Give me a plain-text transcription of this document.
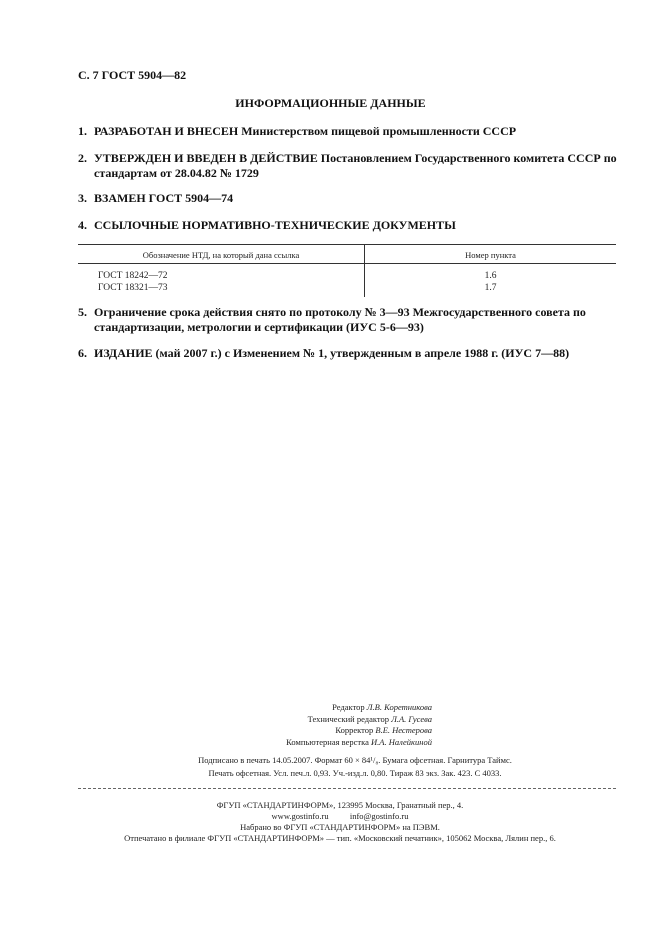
С. 7 ГОСТ 5904—82
ИНФОРМАЦИОННЫЕ ДАННЫЕ
1. РАЗРАБОТАН И ВНЕСЕН Министерством пищевой промышленности СССР
2. УТВЕРЖДЕН И ВВЕДЕН В ДЕЙСТВИЕ Постановлением Государственного комитета СССР по стандартам от 28.04.82 № 1729
3. ВЗАМЕН ГОСТ 5904—74
4. ССЫЛОЧНЫЕ НОРМАТИВНО-ТЕХНИЧЕСКИЕ ДОКУМЕНТЫ
Обозначение НТД, на который дана ссылка	Номер пункта
ГОСТ 18242—72	1.6
ГОСТ 18321—73	1.7
5. Ограничение срока действия снято по протоколу № 3—93 Межгосударственного совета по стандартизации, метрологии и сертификации (ИУС 5-6—93)
6. ИЗДАНИЕ (май 2007 г.) с Изменением № 1, утвержденным в апреле 1988 г. (ИУС 7—88)
Редактор Л.В. Коретникова
Технический редактор Л.А. Гусева
Корректор В.Е. Нестерова
Компьютерная верстка И.А. Налейкиной
Подписано в печать 14.05.2007. Формат 60 × 84¹/₈. Бумага офсетная. Гарнитура Таймс.
Печать офсетная. Усл. печ.л. 0,93. Уч.-изд.л. 0,80. Тираж 83 экз. Зак. 423. С 4033.
ФГУП «СТАНДАРТИНФОРМ», 123995 Москва, Гранатный пер., 4.
www.gostinfo.ru          info@gostinfo.ru
Набрано во ФГУП «СТАНДАРТИНФОРМ» на ПЭВМ.
Отпечатано в филиале ФГУП «СТАНДАРТИНФОРМ» — тип. «Московский печатник», 105062 Москва, Лялин пер., 6.
